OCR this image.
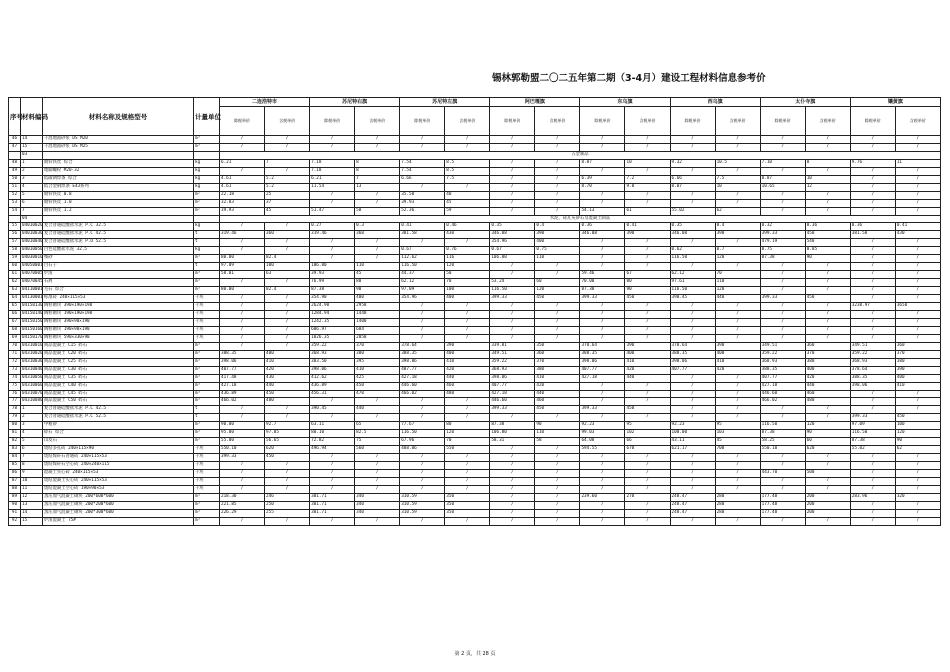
锡林郭勒盟二〇二五年第二期（3-4月）建设工程材料信息参考价
序号	材料编码	材料名称及规格型号	计量单位	二连浩特市		苏尼特右旗		苏尼特左旗		阿巴嘎旗		东乌旗		西乌旗		太仆寺旗		镶黄旗	
				除税单价	含税单价	除税单价	含税单价	除税单价	含税单价	除税单价	含税单价	除税单价	含税单价	除税单价	含税单价	除税单价	含税单价	除税单价	含税单价
46	14	干混地面砂浆 DS M20	m³	/	/	/	/	/	/	/	/	/	/	/	/	/	/	/	/
47	15	干混地面砂浆 DS M25	m³	/	/	/	/	/	/	/	/	/	/	/	/	/	/	/	/
	03			五金制品															
48	1	镀锌铁丝 综合	kg	6.21	7	7.18	8	7.54	8.5	/	/	8.87	10	9.32	10.5	7.10	8	9.76	11
49	2	地脚螺栓 M20-32	kg	/	/	7.18	8	7.54	8.5	/	/	/	/	/	/	/	/	/	/
50	3	低碳钢焊条 综合	kg	4.61	5.2	6.21	7	6.66	7.5	/	/	6.39	7.2	6.66	7.5	8.87	10	/	/
51	4	低合金钢焊条 E43系列	kg	4.61	5.2	11.54	13	/	/	/	/	8.70	9.8	8.87	10	10.65	12	/	/
52	5	镀锌铁皮 0.8	m²	22.18	25	/	/	35.50	40	/	/	/	/	/	/	/	/	/	/
53	6	镀锌铁皮 1.0	m²	32.83	37	/	/	39.93	45	/	/	/	/	/	/	/	/	/	/
54	7	镀锌铁皮 1.2	m²	39.93	45	51.47	58	52.36	59	/	/	54.13	61	55.02	62	/	/	/	/
	04			水泥、砖瓦灰砂石及混凝土制品															
55	04010020	复合普通硅酸盐水泥 P.C 32.5	kg	/	/	0.27	0.3	0.41	0.46	0.35	0.4	0.36	0.41	0.35	0.4	0.32	0.36	0.36	0.41
56	04010030	复合普通硅酸盐水泥 P.C 42.5	t	319.46	360	319.46	360	381.58	430	346.08	390	346.08	390	346.08	390	399.33	450	381.58	430
57	04010040	复合普通硅酸盐水泥 P.O 52.5	t	/	/	/	/	/	/	354.96	400	/	/	/	/	479.19	540	/	/
58	04010050	白色硅酸盐水泥 32.5	kg	/	/	/	/	0.67	0.76	0.67	0.75	/	/	0.62	0.7	0.75	0.85	/	/
59	04030010	细砂	m³	80.00	82.4	/	/	112.62	116	106.80	110	/	/	116.50	120	87.38	90	/	/
60	04050001	白石子	t	97.09	100	106.80	110	116.50	120	/	/	/	/	/	/	/	/	/	/
61	04070005	炉渣	m³	58.01	63	39.93	45	44.37	50	/	/	59.46	67	62.12	70	/	/	/	/
62	04070045	石屑	m³	/	/	76.99	80	62.12	70	53.24	60	70.00	80	97.61	110	/	/	/	/
63	04110001	毛石 综合	m³	80.00	82.4	87.38	90	97.09	100	116.50	120	87.38	90	116.50	120	/	/	/	/
64	04130001	标准砖 240×115×53	千块	/	/	354.90	400	354.96	400	399.33	450	399.33	450	390.45	440	399.33	450	/	/
65	04150130	陶粒砌块 390×190×190	千块	/	/	2624.90	2958	/	/	/	/	/	/	/	/	/	/	3238.97	3650
66	04150140	陶粒砌块 190×190×190	千块	/	/	1284.94	1448	/	/	/	/	/	/	/	/	/	/	/	/
67	04150150	陶粒砌块 390×90×190	千块	/	/	1242.35	1400	/	/	/	/	/	/	/	/	/	/	/	/
68	04150160	陶粒砌块 190×90×190	千块	/	/	606.97	684	/	/	/	/	/	/	/	/	/	/	/	/
69	04150170	陶粒砌块 590×330×90	千块	/	/	1826.35	2058	/	/	/	/	/	/	/	/	/	/	/	/
70	04310010	商品混凝土 C15 碎石	m³	/	/	359.22	370	378.64	390	339.81	350	378.64	390	378.64	390	349.51	360	349.51	360
71	04310020	商品混凝土 C20 碎石	m³	388.35	400	368.93	380	388.35	400	349.51	360	388.35	400	388.35	400	359.22	370	359.22	370
72	04310030	商品混凝土 C25 碎石	m³	398.06	410	383.50	395	398.06	410	359.22	370	398.06	410	398.06	410	368.93	380	368.93	380
73	04310040	商品混凝土 C30 碎石	m³	407.77	420	398.06	410	407.77	420	368.93	380	407.77	420	407.77	420	388.35	400	378.64	390
74	04310050	商品混凝土 C35 碎石	m³	417.48	430	412.62	425	427.18	440	398.06	410	427.18	440	/	/	407.77	420	388.35	400
75	04310060	商品混凝土 C40 碎石	m³	427.18	440	436.89	450	446.60	460	407.77	420	/	/	/	/	427.18	440	398.06	410
76	04310070	商品混凝土 C45 碎石	m³	436.89	450	456.31	470	466.02	480	427.18	440	/	/	/	/	446.60	460	/	/
77	04310080	商品混凝土 C50 碎石	m³	466.02	480	/	/	/	/	446.60	460	/	/	/	/	466.02	480	/	/
78	1	复合普通硅酸盐水泥 P.C 42.5	t	/	/	390.45	440	/	/	399.33	450	399.33	450	/	/	/	/	/	/
79	2	复合普通硅酸盐水泥 P.C 52.5	t	/	/	/	/	/	/	/	/	/	/	/	/	/	/	399.33	450
80	3	中粗砂	m³	90.00	92.7	63.11	65	77.67	80	87.38	90	92.23	95	92.23	95	116.50	120	97.09	100
81	4	碎石 综合	m³	95.00	97.85	80.10	82.5	116.50	120	106.80	110	99.03	102	100.00	103	87.38	90	116.50	120
82	5	山皮石	m³	55.00	56.65	72.82	75	67.96	70	58.31	58	64.08	66	43.11	45	58.25	60	87.38	90
83	6	烧结多孔砖 240×115×90	千块	550.10	620	496.94	560	488.06	550	/	/	594.55	670	621.17	700	550.10	620	55.02	62
84	7	烧结煤矸石普通砖 240×115×53	千块	399.33	450	/	/	/	/	/	/	/	/	/	/	/	/	/	/
85	8	烧结煤矸石空心砖 240×240×115	千块	/	/	/	/	/	/	/	/	/	/	/	/	/	/	/	/
86	9	混凝土实心砖 240×115×53	千块	/	/	/	/	/	/	/	/	/	/	/	/	443.70	500	/	/
87	10	烧结混凝土实心砖 240×115×53	千块	/	/	/	/	/	/	/	/	/	/	/	/	/	/	/	/
88	11	烧结混凝土空心砖 190×90×53	千块	/	/	/	/	/	/	/	/	/	/	/	/	/	/	/	/
89	12	蒸压加气混凝土砌块 200*600*600	m³	218.30	246	301.71	340	310.59	350	/	/	239.60	270	248.47	280	177.48	200	283.96	320
90	13	蒸压加气混凝土砌块 200*200*600	m³	221.85	250	301.71	340	310.59	350	/	/	/	/	248.47	280	177.48	200	/	/
91	14	蒸压加气混凝土砌块 200*300*600	m³	226.29	255	301.71	340	310.59	350	/	/	/	/	248.47	280	177.48	200	/	/
92	15	炉渣混凝土 75#	m³	/	/	/	/	/	/	/	/	/	/	/	/	/	/	/	/
第 2 页，共 28 页
